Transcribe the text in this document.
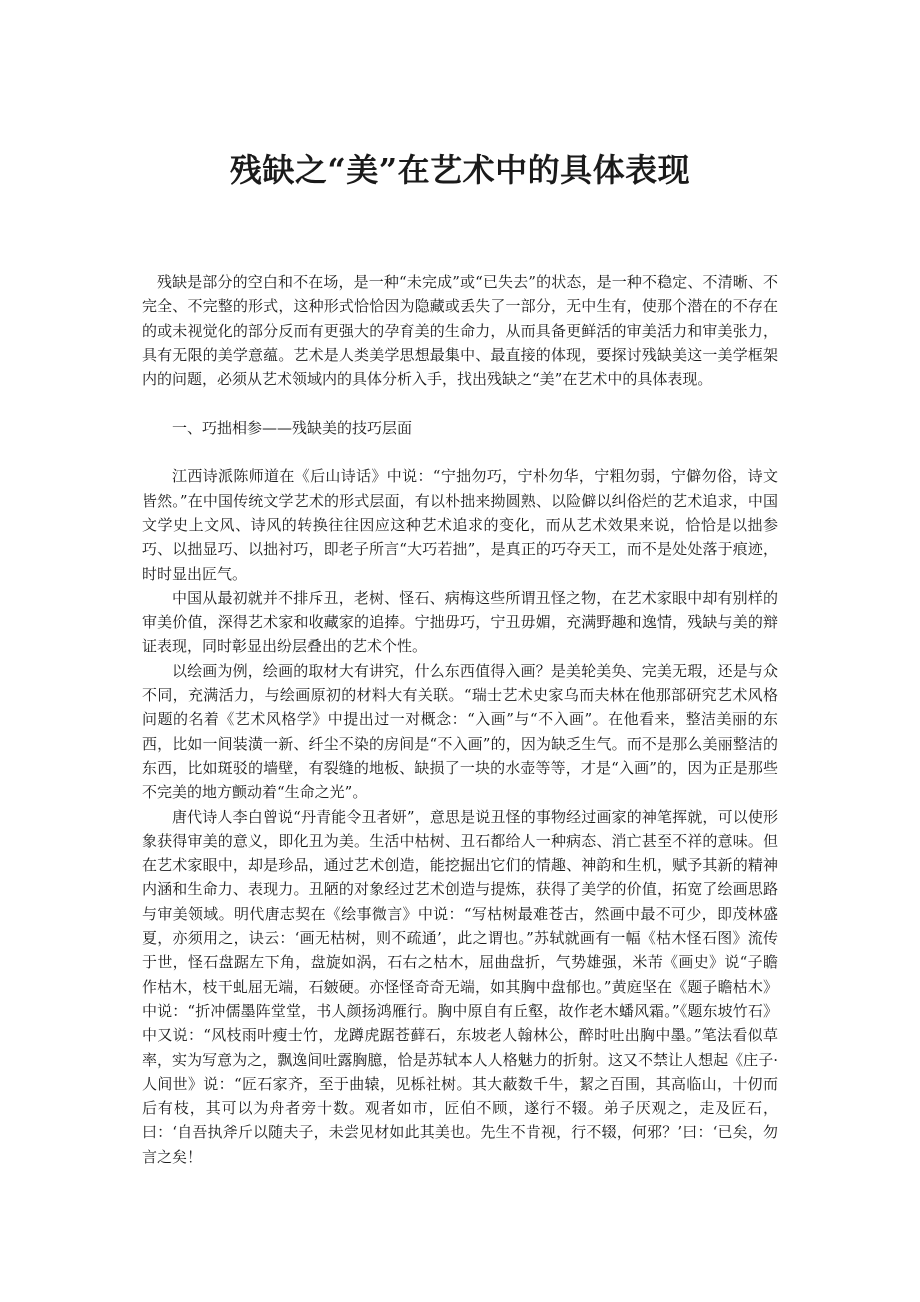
残缺之“美”在艺术中的具体表现

残缺是部分的空白和不在场，是一种“未完成”或“已失去”的状态，是一种不稳定、不清晰、不完全、不完整的形式，这种形式恰恰因为隐藏或丢失了一部分，无中生有，使那个潜在的不存在的或未视觉化的部分反而有更强大的孕育美的生命力，从而具备更鲜活的审美活力和审美张力，具有无限的美学意蕴。艺术是人类美学思想最集中、最直接的体现，要探讨残缺美这一美学框架内的问题，必须从艺术领域内的具体分析入手，找出残缺之“美”在艺术中的具体表现。

一、巧拙相参——残缺美的技巧层面

江西诗派陈师道在《后山诗话》中说：“宁拙勿巧，宁朴勿华，宁粗勿弱，宁僻勿俗，诗文皆然。”在中国传统文学艺术的形式层面，有以朴拙来拗圆熟、以险僻以纠俗烂的艺术追求，中国文学史上文风、诗风的转换往往因应这种艺术追求的变化，而从艺术效果来说，恰恰是以拙参巧、以拙显巧、以拙衬巧，即老子所言“大巧若拙”，是真正的巧夺天工，而不是处处落于痕迹，时时显出匠气。

中国从最初就并不排斥丑，老树、怪石、病梅这些所谓丑怪之物，在艺术家眼中却有别样的审美价值，深得艺术家和收藏家的追捧。宁拙毋巧，宁丑毋媚，充满野趣和逸情，残缺与美的辩证表现，同时彰显出纷层叠出的艺术个性。

以绘画为例，绘画的取材大有讲究，什么东西值得入画？是美轮美奂、完美无瑕，还是与众不同，充满活力，与绘画原初的材料大有关联。“瑞士艺术史家乌而夫林在他那部研究艺术风格问题的名着《艺术风格学》中提出过一对概念：“入画”与“不入画”。在他看来，整洁美丽的东西，比如一间装潢一新、纤尘不染的房间是“不入画”的，因为缺乏生气。而不是那么美丽整洁的东西，比如斑驳的墙壁，有裂缝的地板、缺损了一块的水壶等等，才是“入画”的，因为正是那些不完美的地方颤动着“生命之光”。

唐代诗人李白曾说“丹青能令丑者妍”，意思是说丑怪的事物经过画家的神笔挥就，可以使形象获得审美的意义，即化丑为美。生活中枯树、丑石都给人一种病态、消亡甚至不祥的意味。但在艺术家眼中，却是珍品，通过艺术创造，能挖掘出它们的情趣、神韵和生机，赋予其新的精神内涵和生命力、表现力。丑陋的对象经过艺术创造与提炼，获得了美学的价值，拓宽了绘画思路与审美领域。明代唐志契在《绘事微言》中说：“写枯树最难苍古，然画中最不可少，即茂林盛夏，亦须用之，诀云：‘画无枯树，则不疏通’，此之谓也。”苏轼就画有一幅《枯木怪石图》流传于世，怪石盘踞左下角，盘旋如涡，石右之枯木，屈曲盘折，气势雄强，米芾《画史》说“子瞻作枯木，枝干虬屈无端，石皴硬。亦怪怪奇奇无端，如其胸中盘郁也。”黄庭坚在《题子瞻枯木》中说：“折冲儒墨阵堂堂，书人颜扬鸿雁行。胸中原自有丘壑，故作老木蟠风霜。”《题东坡竹石》中又说：“风枝雨叶瘦士竹，龙蹲虎踞苍藓石，东坡老人翰林公，醉时吐出胸中墨。”笔法看似草率，实为写意为之，飘逸间吐露胸臆，恰是苏轼本人人格魅力的折射。这又不禁让人想起《庄子·人间世》说：“匠石家齐，至于曲辕，见栎社树。其大蔽数千牛，絜之百围，其高临山，十仞而后有枝，其可以为舟者旁十数。观者如市，匠伯不顾，遂行不辍。弟子厌观之，走及匠石，曰：‘自吾执斧斤以随夫子，未尝见材如此其美也。先生不肯视，行不辍，何邪？’曰：‘已矣，勿言之矣！
